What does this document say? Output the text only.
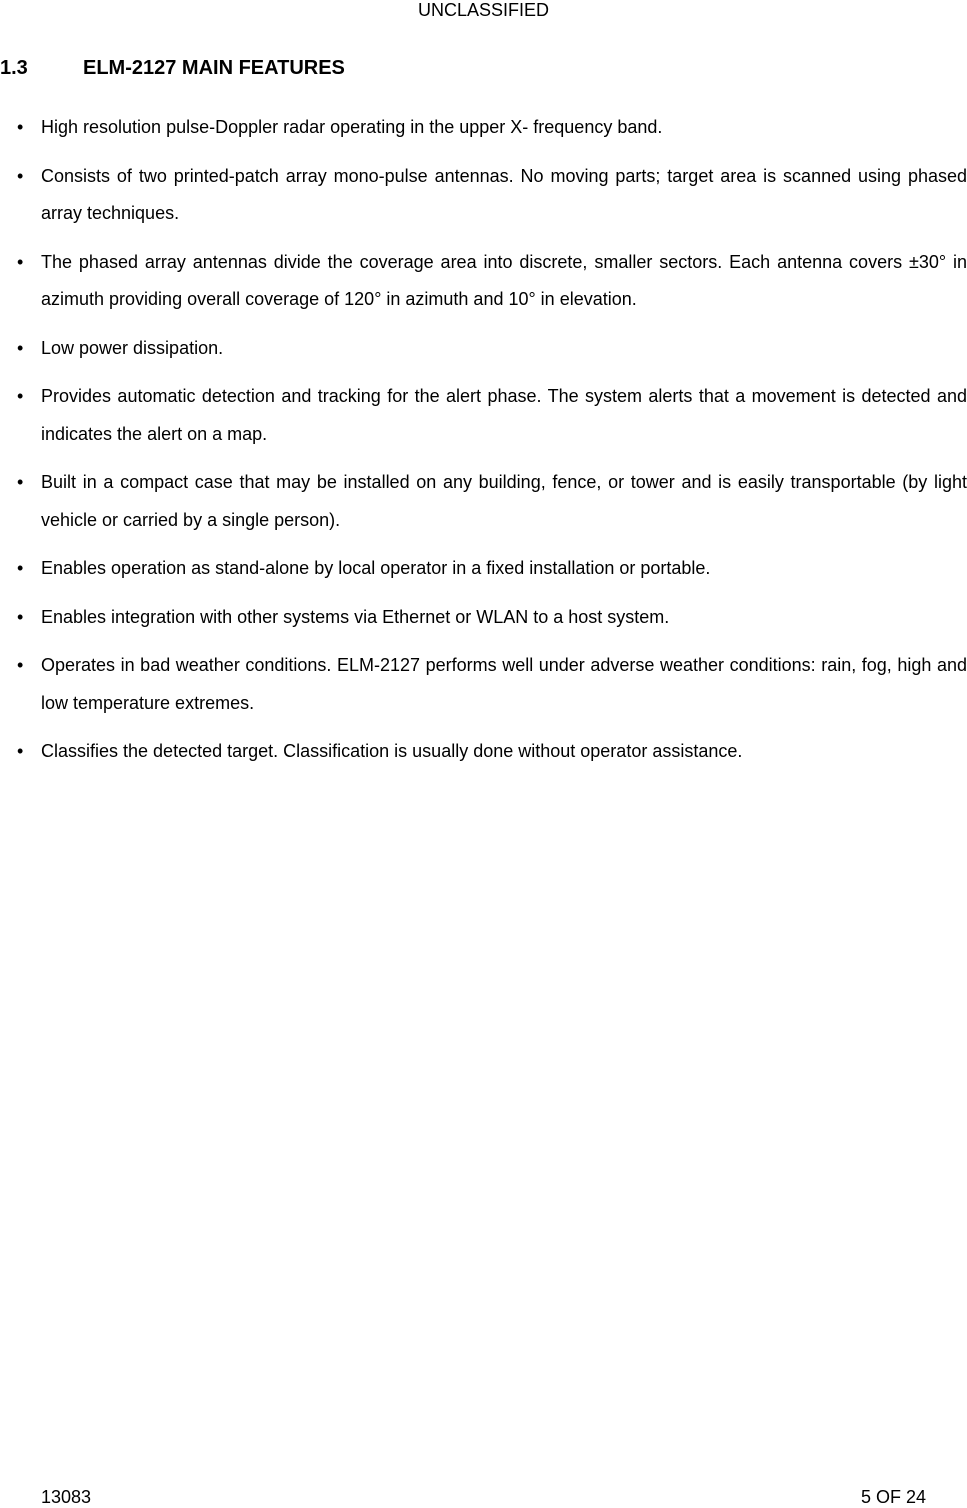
UNCLASSIFIED
1.3	ELM-2127 MAIN FEATURES
• High resolution pulse-Doppler radar operating in the upper X- frequency band.
• Consists of two printed-patch array mono-pulse antennas. No moving parts; target area is scanned using phased array techniques.
• The phased array antennas divide the coverage area into discrete, smaller sectors. Each antenna covers ±30° in azimuth providing overall coverage of 120° in azimuth and 10° in elevation.
• Low power dissipation.
• Provides automatic detection and tracking for the alert phase. The system alerts that a movement is detected and indicates the alert on a map.
• Built in a compact case that may be installed on any building, fence, or tower and is easily transportable (by light vehicle or carried by a single person).
• Enables operation as stand-alone by local operator in a fixed installation or portable.
• Enables integration with other systems via Ethernet or WLAN to a host system.
• Operates in bad weather conditions. ELM-2127 performs well under adverse weather conditions: rain, fog, high and low temperature extremes.
• Classifies the detected target. Classification is usually done without operator assistance.
13083	5 OF 24
